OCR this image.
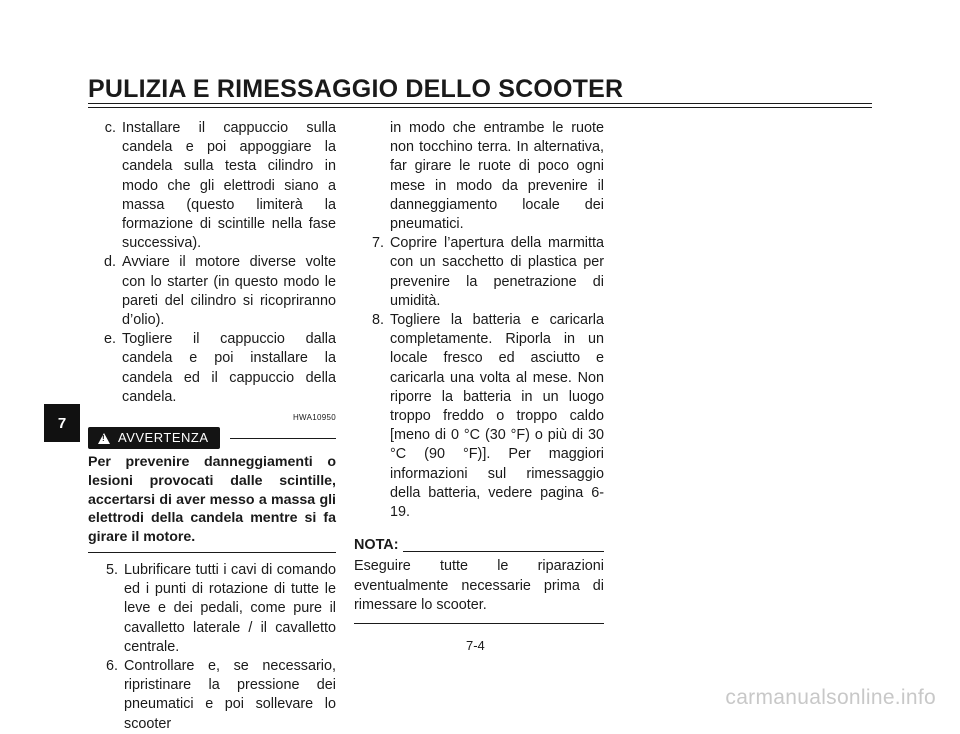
PULIZIA E RIMESSAGGIO DELLO SCOOTER
7
c. Installare il cappuccio sulla candela e poi appoggiare la candela sulla testa cilindro in modo che gli elettrodi siano a massa (questo limiterà la formazione di scintille nella fase successiva).
d. Avviare il motore diverse volte con lo starter (in questo modo le pareti del cilindro si ricopriranno d’olio).
e. Togliere il cappuccio dalla candela e poi installare la candela ed il cappuccio della candela.
HWA10950
!
AVVERTENZA
Per prevenire danneggiamenti o lesioni provocati dalle scintille, accertarsi di aver messo a massa gli elettrodi della candela mentre si fa girare il motore.
5. Lubrificare tutti i cavi di comando ed i punti di rotazione di tutte le leve e dei pedali, come pure il cavalletto laterale / il cavalletto centrale.
6. Controllare e, se necessario, ripristinare la pressione dei pneumatici e poi sollevare lo scooter
in modo che entrambe le ruote non tocchino terra. In alternativa, far girare le ruote di poco ogni mese in modo da prevenire il danneggiamento locale dei pneumatici.
7. Coprire l’apertura della marmitta con un sacchetto di plastica per prevenire la penetrazione di umidità.
8. Togliere la batteria e caricarla completamente. Riporla in un locale fresco ed asciutto e caricarla una volta al mese. Non riporre la batteria in un luogo troppo freddo o troppo caldo [meno di 0 °C (30 °F) o più di 30 °C (90 °F)]. Per maggiori informazioni sul rimessaggio della batteria, vedere pagina 6-19.
NOTA:
Eseguire tutte le riparazioni eventualmente necessarie prima di rimessare lo scooter.
7-4
carmanualsonline.info
